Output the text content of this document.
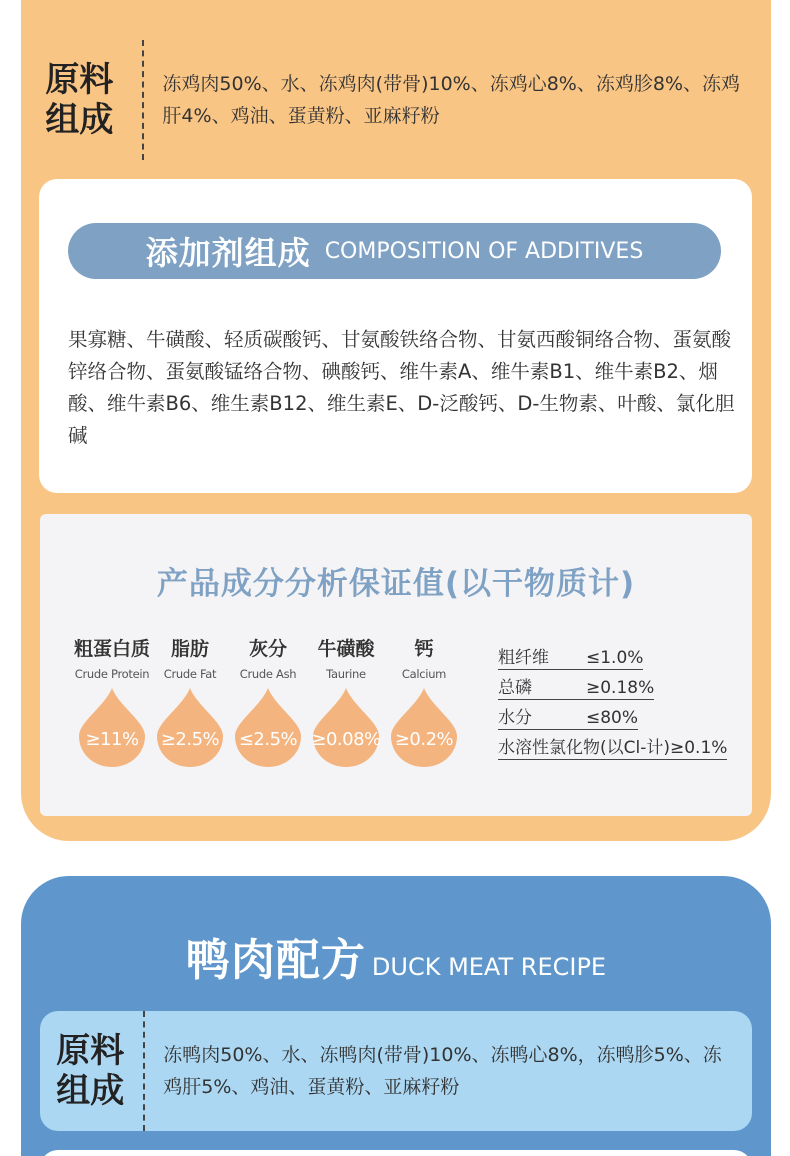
原料
组成
冻鸡肉50%、水、冻鸡肉(带骨)10%、冻鸡心8%、冻鸡胗8%、冻鸡肝4%、鸡油、蛋黄粉、亚麻籽粉
添加剂组成 COMPOSITION OF ADDITIVES
果寡糖、牛磺酸、轻质碳酸钙、甘氨酸铁络合物、甘氨西酸铜络合物、蛋氨酸锌络合物、蛋氨酸锰络合物、碘酸钙、维牛素A、维牛素B1、维牛素B2、烟酸、维牛素B6、维生素B12、维生素E、D-泛酸钙、D-生物素、叶酸、氯化胆碱
产品成分分析保证值(以干物质计)
粗蛋白质
Crude Protein
≥11%
脂肪
Crude Fat
≥2.5%
灰分
Crude Ash
≤2.5%
牛磺酸
Taurine
≥0.08%
钙
Calcium
≥0.2%
粗纤维	≤1.0%
总磷	≥0.18%
水分	≤80%
水溶性氯化物(以Cl-计) ≥0.1%
鸭肉配方 DUCK MEAT RECIPE
原料
组成
冻鸭肉50%、水、冻鸭肉(带骨)10%、冻鸭心8%，冻鸭胗5%、冻鸡肝5%、鸡油、蛋黄粉、亚麻籽粉
